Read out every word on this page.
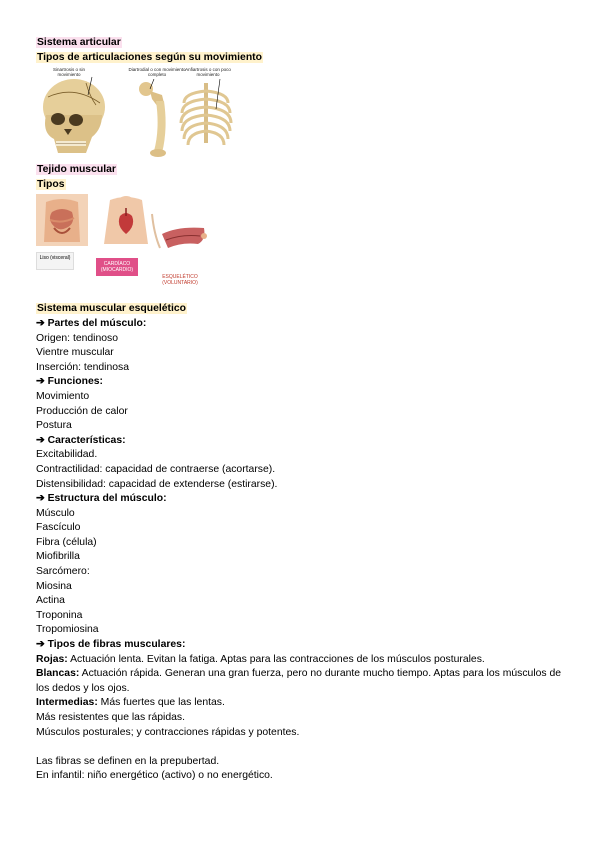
Sistema articular
Tipos de articulaciones según su movimiento
Sinartrosis o sin movimiento
Diartrodial o con movimiento completo
Anfiartrosis o con poco movimiento
Tejido muscular
Tipos
Liso (visceral)
CARDÍACO (MIOCARDIO)
ESQUELÉTICO (VOLUNTARIO)
Sistema muscular esquelético
➔ Partes del músculo:
Origen: tendinoso
Vientre muscular
Inserción: tendinosa
➔ Funciones:
Movimiento
Producción de calor
Postura
➔ Características:
Excitabilidad.
Contractilidad: capacidad de contraerse (acortarse).
Distensibilidad: capacidad de extenderse (estirarse).
➔ Estructura del músculo:
Músculo
Fascículo
Fibra (célula)
Miofibrilla
Sarcómero:
Miosina
Actina
Troponina
Tropomiosina
➔ Tipos de fibras musculares:
Rojas: Actuación lenta. Evitan la fatiga. Aptas para las contracciones de los músculos posturales.
Blancas: Actuación rápida. Generan una gran fuerza, pero no durante mucho tiempo. Aptas para los músculos de los dedos y los ojos.
Intermedias: Más fuertes que las lentas.
Más resistentes que las rápidas.
Músculos posturales; y contracciones rápidas y potentes.
Las fibras se definen en la prepubertad.
En infantil: niño energético (activo) o no energético.
